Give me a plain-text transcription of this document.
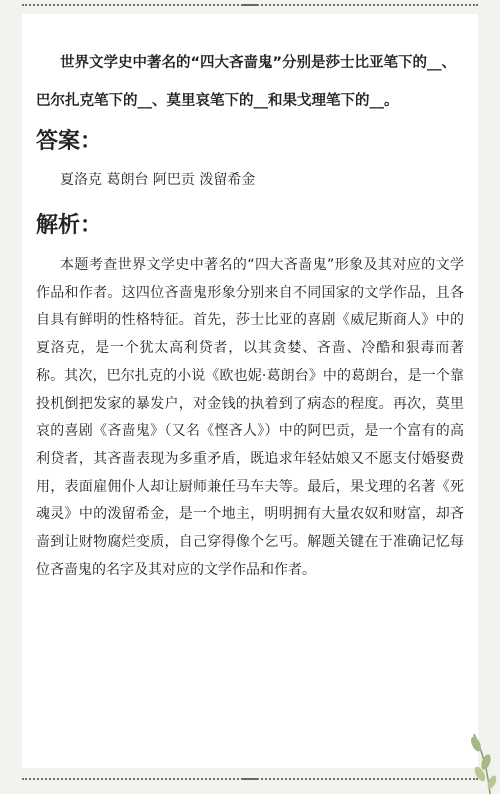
世界文学史中著名的“四大吝啬鬼”分别是莎士比亚笔下的__、巴尔扎克笔下的__、莫里哀笔下的__和果戈理笔下的__。
答案：
夏洛克 葛朗台 阿巴贡 泼留希金
解析：
本题考查世界文学史中著名的“四大吝啬鬼”形象及其对应的文学作品和作者。这四位吝啬鬼形象分别来自不同国家的文学作品，且各自具有鲜明的性格特征。首先，莎士比亚的喜剧《威尼斯商人》中的夏洛克，是一个犹太高利贷者，以其贪婪、吝啬、冷酷和狠毒而著称。其次，巴尔扎克的小说《欧也妮·葛朗台》中的葛朗台，是一个靠投机倒把发家的暴发户，对金钱的执着到了病态的程度。再次，莫里哀的喜剧《吝啬鬼》（又名《悭吝人》）中的阿巴贡，是一个富有的高利贷者，其吝啬表现为多重矛盾，既追求年轻姑娘又不愿支付婚娶费用，表面雇佣仆人却让厨师兼任马车夫等。最后，果戈理的名著《死魂灵》中的泼留希金，是一个地主，明明拥有大量农奴和财富，却吝啬到让财物腐烂变质，自己穿得像个乞丐。解题关键在于准确记忆每位吝啬鬼的名字及其对应的文学作品和作者。
